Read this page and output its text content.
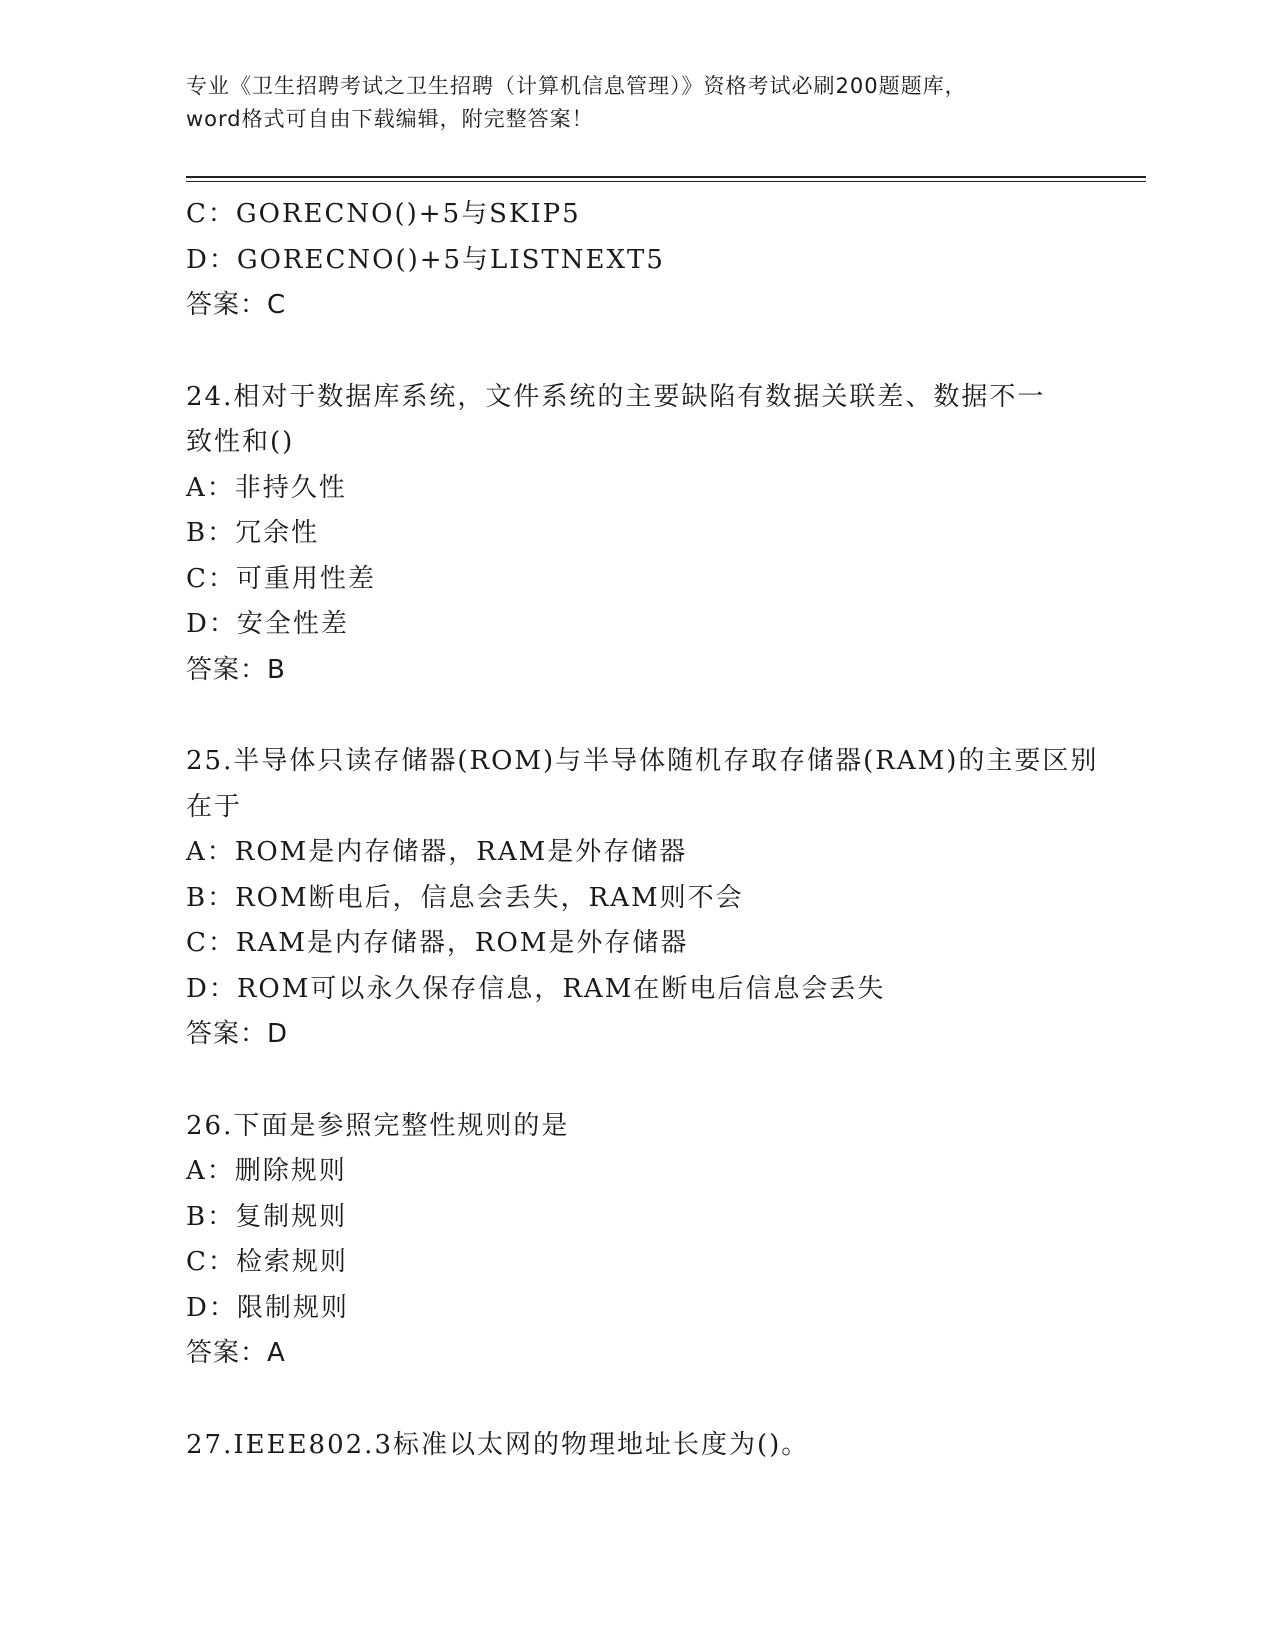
专业《卫生招聘考试之卫生招聘（计算机信息管理）》资格考试必刷200题题库，
word格式可自由下载编辑，附完整答案！
C：GORECNO()+5与SKIP5
D：GORECNO()+5与LISTNEXT5
答案：C
24.相对于数据库系统，文件系统的主要缺陷有数据关联差、数据不一
致性和()
A：非持久性
B：冗余性
C：可重用性差
D：安全性差
答案：B
25.半导体只读存储器(ROM)与半导体随机存取存储器(RAM)的主要区别
在于
A：ROM是内存储器，RAM是外存储器
B：ROM断电后，信息会丢失，RAM则不会
C：RAM是内存储器，ROM是外存储器
D：ROM可以永久保存信息，RAM在断电后信息会丢失
答案：D
26.下面是参照完整性规则的是
A：删除规则
B：复制规则
C：检索规则
D：限制规则
答案：A
27.IEEE802.3标准以太网的物理地址长度为()。
